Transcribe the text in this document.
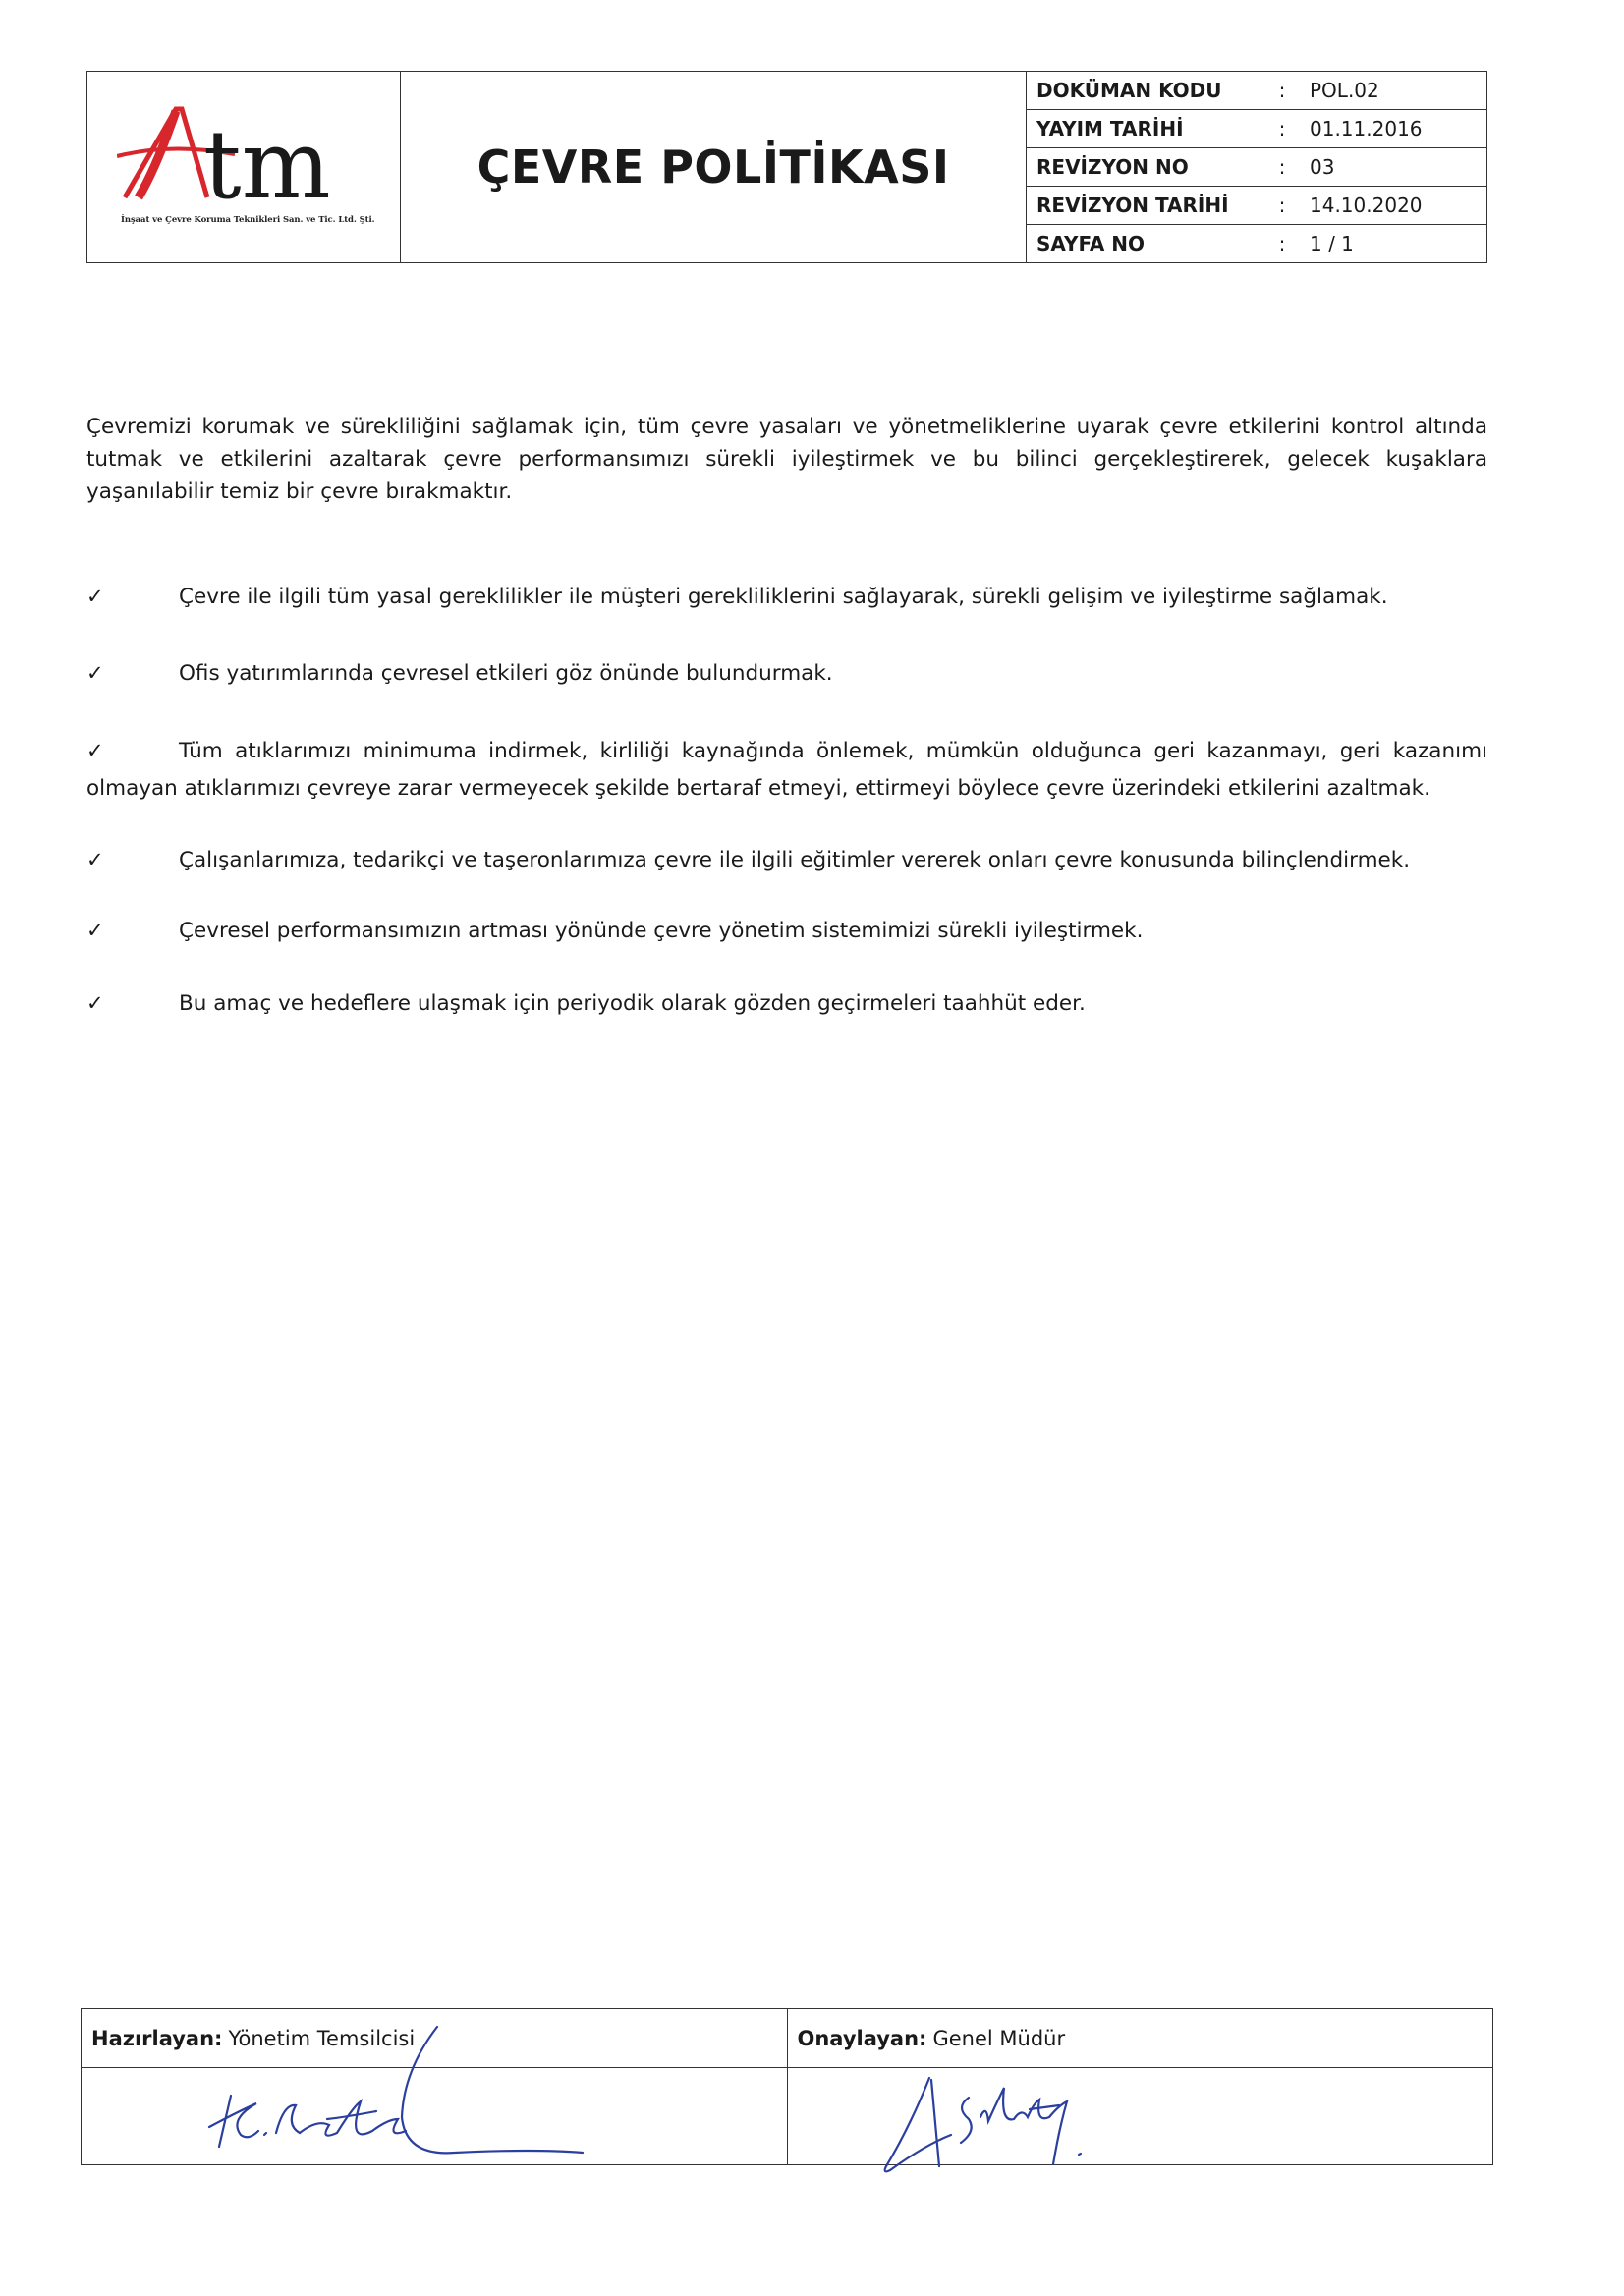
tm
İnşaat ve Çevre Koruma Teknikleri San. ve Tic. Ltd. Şti.
ÇEVRE POLİTİKASI
DOKÜMAN KODU	:	POL.02
YAYIM TARİHİ	:	01.11.2016
REVİZYON NO	:	03
REVİZYON TARİHİ	:	14.10.2020
SAYFA NO	:	1 / 1
Çevremizi korumak ve sürekliliğini sağlamak için, tüm çevre yasaları ve yönetmeliklerine uyarak çevre etkilerini kontrol altında tutmak ve etkilerini azaltarak çevre performansımızı sürekli iyileştirmek ve bu bilinci gerçekleştirerek, gelecek kuşaklara yaşanılabilir temiz bir çevre bırakmaktır.
✓	Çevre ile ilgili tüm yasal gereklilikler ile müşteri gerekliliklerini sağlayarak, sürekli gelişim ve iyileştirme sağlamak.
✓	Ofis yatırımlarında çevresel etkileri göz önünde bulundurmak.
✓	Tüm atıklarımızı minimuma indirmek, kirliliği kaynağında önlemek, mümkün olduğunca geri kazanmayı, geri kazanımı olmayan atıklarımızı çevreye zarar vermeyecek şekilde bertaraf etmeyi, ettirmeyi böylece çevre üzerindeki etkilerini azaltmak.
✓	Çalışanlarımıza, tedarikçi ve taşeronlarımıza çevre ile ilgili eğitimler vererek onları çevre konusunda bilinçlendirmek.
✓	Çevresel performansımızın artması yönünde çevre yönetim sistemimizi sürekli iyileştirmek.
✓	Bu amaç ve hedeflere ulaşmak için periyodik olarak gözden geçirmeleri taahhüt eder.
Hazırlayan: Yönetim Temsilcisi	Onaylayan: Genel Müdür
